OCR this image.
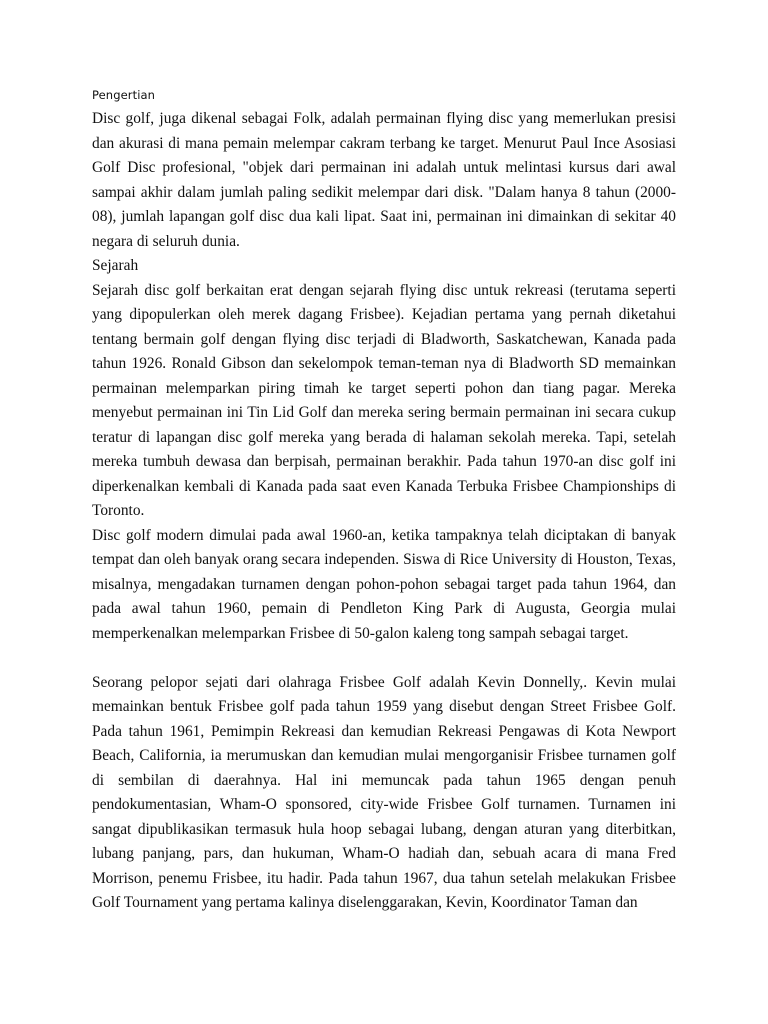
Pengertian

Disc golf, juga dikenal sebagai Folk, adalah permainan flying disc yang memerlukan presisi dan akurasi di mana pemain melempar cakram terbang ke target. Menurut Paul Ince Asosiasi Golf Disc profesional, "objek dari permainan ini adalah untuk melintasi kursus dari awal sampai akhir dalam jumlah paling sedikit melempar dari disk. "Dalam hanya 8 tahun (2000-08), jumlah lapangan golf disc dua kali lipat. Saat ini, permainan ini dimainkan di sekitar 40 negara di seluruh dunia.

Sejarah

Sejarah disc golf berkaitan erat dengan sejarah flying disc untuk rekreasi (terutama seperti yang dipopulerkan oleh merek dagang Frisbee). Kejadian pertama yang pernah diketahui tentang bermain golf dengan flying disc terjadi di Bladworth, Saskatchewan, Kanada pada tahun 1926. Ronald Gibson dan sekelompok teman-teman nya di Bladworth SD memainkan permainan melemparkan piring timah ke target seperti pohon dan tiang pagar. Mereka menyebut permainan ini Tin Lid Golf dan mereka sering bermain permainan ini secara cukup teratur di lapangan disc golf mereka yang berada di halaman sekolah mereka. Tapi, setelah mereka tumbuh dewasa dan berpisah, permainan berakhir. Pada tahun 1970-an disc golf ini diperkenalkan kembali di Kanada pada saat even Kanada Terbuka Frisbee Championships di Toronto.

Disc golf modern dimulai pada awal 1960-an, ketika tampaknya telah diciptakan di banyak tempat dan oleh banyak orang secara independen. Siswa di Rice University di Houston, Texas, misalnya, mengadakan turnamen dengan pohon-pohon sebagai target pada tahun 1964, dan pada awal tahun 1960, pemain di Pendleton King Park di Augusta, Georgia mulai memperkenalkan melemparkan Frisbee di 50-galon kaleng tong sampah sebagai target.

Seorang pelopor sejati dari olahraga Frisbee Golf adalah Kevin Donnelly,. Kevin mulai memainkan bentuk Frisbee golf pada tahun 1959 yang disebut dengan Street Frisbee Golf. Pada tahun 1961, Pemimpin Rekreasi dan kemudian Rekreasi Pengawas di Kota Newport Beach, California, ia merumuskan dan kemudian mulai mengorganisir Frisbee turnamen golf di sembilan di daerahnya. Hal ini memuncak pada tahun 1965 dengan penuh pendokumentasian, Wham-O sponsored, city-wide Frisbee Golf turnamen. Turnamen ini sangat dipublikasikan termasuk hula hoop sebagai lubang, dengan aturan yang diterbitkan, lubang panjang, pars, dan hukuman, Wham-O hadiah dan, sebuah acara di mana Fred Morrison, penemu Frisbee, itu hadir. Pada tahun 1967, dua tahun setelah melakukan Frisbee Golf Tournament yang pertama kalinya diselenggarakan, Kevin, Koordinator Taman dan
